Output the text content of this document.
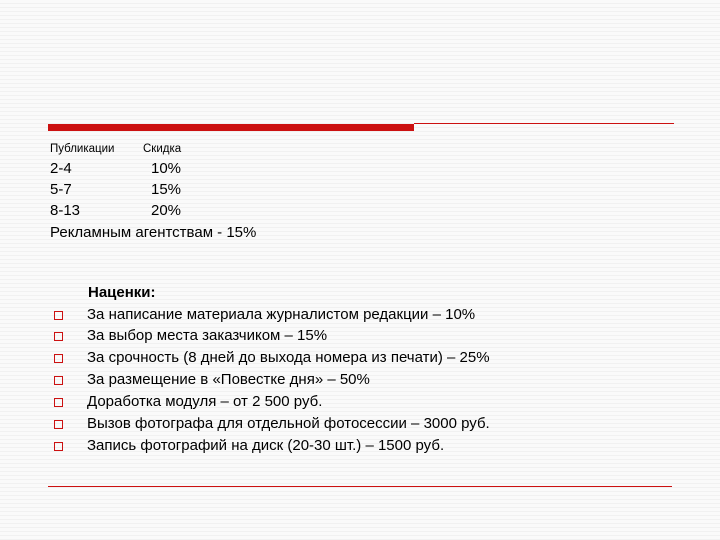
Публикации Скидка
2-4	10%
5-7	15%
8-13	20%
Рекламным агентствам - 15%
Наценки:
За написание материала журналистом редакции – 10%
За выбор места заказчиком – 15%
За срочность (8 дней до выхода номера из печати) – 25%
За размещение в «Повестке дня» – 50%
Доработка модуля – от 2 500 руб.
Вызов фотографа для отдельной фотосессии – 3000 руб.
Запись фотографий на диск (20-30 шт.) – 1500 руб.
